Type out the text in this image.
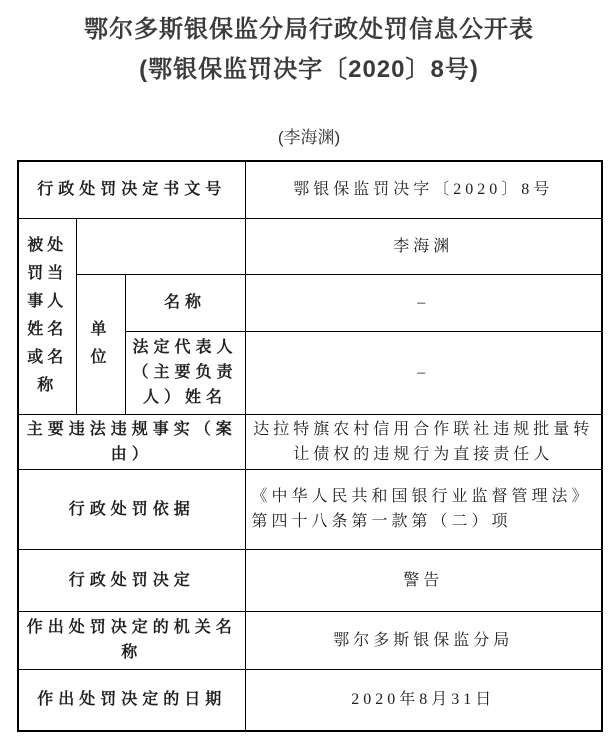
鄂尔多斯银保监分局行政处罚信息公开表
(鄂银保监罚决字〔2020〕8号)
(李海渊)
行政处罚决定书文号			鄂银保监罚决字〔2020〕8号
被处罚当事人姓名或名称			李海渊
	单位	名称	–
		法定代表人（主要负责人）姓名	–
主要违法违规事实（案由）			达拉特旗农村信用合作联社违规批量转让债权的违规行为直接责任人
行政处罚依据			《中华人民共和国银行业监督管理法》第四十八条第一款第（二）项
行政处罚决定			警告
作出处罚决定的机关名称			鄂尔多斯银保监分局
作出处罚决定的日期			2020年8月31日
